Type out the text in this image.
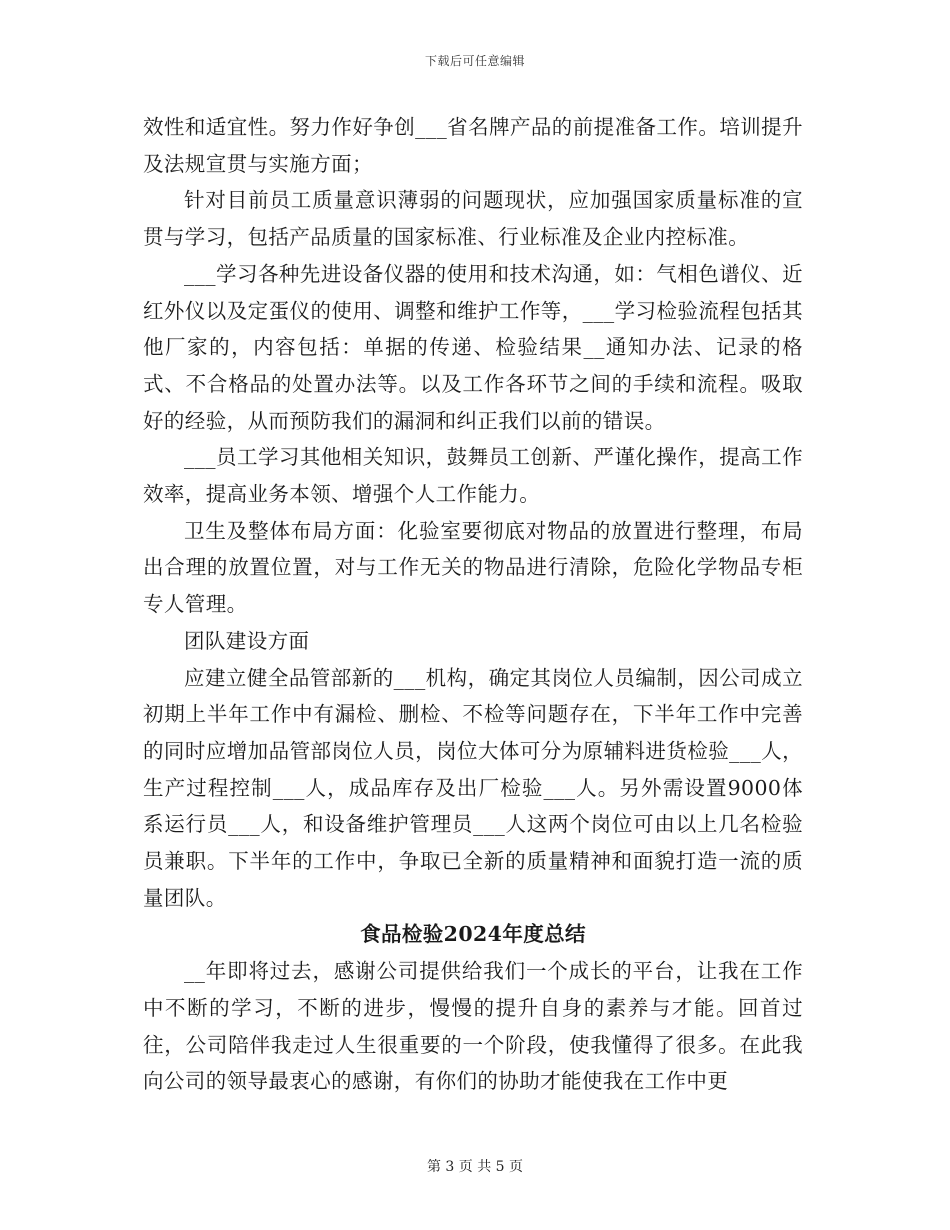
下载后可任意编辑

效性和适宜性。努力作好争创___省名牌产品的前提准备工作。培训提升及法规宣贯与实施方面；

针对目前员工质量意识薄弱的问题现状，应加强国家质量标准的宣贯与学习，包括产品质量的国家标准、行业标准及企业内控标准。

___学习各种先进设备仪器的使用和技术沟通，如：气相色谱仪、近红外仪以及定蛋仪的使用、调整和维护工作等，___学习检验流程包括其他厂家的，内容包括：单据的传递、检验结果__通知办法、记录的格式、不合格品的处置办法等。以及工作各环节之间的手续和流程。吸取好的经验，从而预防我们的漏洞和纠正我们以前的错误。

___员工学习其他相关知识，鼓舞员工创新、严谨化操作，提高工作效率，提高业务本领、增强个人工作能力。

卫生及整体布局方面：化验室要彻底对物品的放置进行整理，布局出合理的放置位置，对与工作无关的物品进行清除，危险化学物品专柜专人管理。

团队建设方面

应建立健全品管部新的___机构，确定其岗位人员编制，因公司成立初期上半年工作中有漏检、删检、不检等问题存在，下半年工作中完善的同时应增加品管部岗位人员，岗位大体可分为原辅料进货检验___人，生产过程控制___人，成品库存及出厂检验___人。另外需设置9000体系运行员___人，和设备维护管理员___人这两个岗位可由以上几名检验员兼职。下半年的工作中，争取已全新的质量精神和面貌打造一流的质量团队。

食品检验2024年度总结

__年即将过去，感谢公司提供给我们一个成长的平台，让我在工作中不断的学习，不断的进步，慢慢的提升自身的素养与才能。回首过往，公司陪伴我走过人生很重要的一个阶段，使我懂得了很多。在此我向公司的领导最衷心的感谢，有你们的协助才能使我在工作中更

第 3 页 共 5 页
